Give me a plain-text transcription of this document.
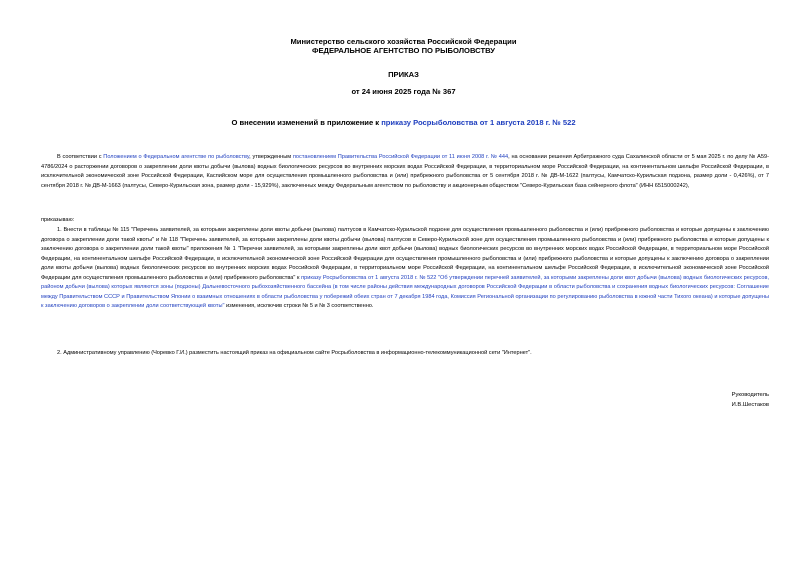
Министерство сельского хозяйства Российской Федерации
ФЕДЕРАЛЬНОЕ АГЕНТСТВО ПО РЫБОЛОВСТВУ
ПРИКАЗ
от 24 июня 2025 года № 367
О внесении изменений в приложение к приказу Росрыболовства от 1 августа 2018 г. № 522
В соответствии с Положением о Федеральном агентстве по рыболовству, утвержденным постановлением Правительства Российской Федерации от 11 июня 2008 г. № 444, на основании решения Арбитражного суда Сахалинской области от 5 мая 2025 г. по делу № А59-4786/2024 о расторжении договоров о закреплении доли квоты добычи (вылова) водных биологических ресурсов во внутренних морских водах Российской Федерации, в территориальном море Российской Федерации, на континентальном шельфе Российской Федерации, в исключительной экономической зоне Российской Федерации, Каспийском море для осуществления промышленного рыболовства и (или) прибрежного рыболовства от 5 сентября 2018 г. № ДВ-М-1622 (палтусы, Камчатско-Курильская подзона, размер доли - 0,426%), от 7 сентября 2018 г. № ДВ-М-1663 (палтусы, Северо-Курильская зона, размер доли - 15,929%), заключенных между Федеральным агентством по рыболовству и акционерным обществом "Северо-Курильская база сейнерного флота" (ИНН 6515000242),
приказываю:
1. Внести в таблицы № 115 "Перечень заявителей, за которыми закреплены доли квоты добычи (вылова) палтусов в Камчатско-Курильской подзоне для осуществления промышленного рыболовства и (или) прибрежного рыболовства и которые допущены к заключению договора о закреплении доли такой квоты" и № 118 "Перечень заявителей, за которыми закреплены доли квоты добычи (вылова) палтусов в Северо-Курильской зоне для осуществления промышленного рыболовства и (или) прибрежного рыболовства и которые допущены к заключению договора о закреплении доли такой квоты" приложения № 1 "Перечни заявителей, за которыми закреплены доли квот добычи (вылова) водных биологических ресурсов во внутренних морских водах Российской Федерации, в территориальном море Российской Федерации, на континентальном шельфе Российской Федерации, в исключительной экономической зоне Российской Федерации для осуществления промышленного рыболовства и (или) прибрежного рыболовства и которые допущены к заключению договора о закреплении доли квоты добычи (вылова) водных биологических ресурсов во внутренних морских водах Российской Федерации, в территориальном море Российской Федерации, на континентальном шельфе Российской Федерации, в исключительной экономической зоне Российской Федерации для осуществления промышленного рыболовства и (или) прибрежного рыболовства" к приказу Росрыболовства от 1 августа 2018 г. № 522 "Об утверждении перечней заявителей, за которыми закреплены доли квот добычи (вылова) водных биологических ресурсов, районом добычи (вылова) которых являются зоны (подзоны) Дальневосточного рыбохозяйственного бассейна (в том числе районы действия международных договоров Российской Федерации в области рыболовства и сохранения водных биологических ресурсов: Соглашение между Правительством СССР и Правительством Японии о взаимных отношениях в области рыболовства у побережий обеих стран от 7 декабря 1984 года, Комиссия Региональной организации по регулированию рыболовства в южной части Тихого океана) и которые допущены к заключению договоров о закреплении доли соответствующей квоты" изменения, исключив строки № 5 и № 3 соответственно.
2. Административному управлению (Чоревко Г.И.) разместить настоящий приказ на официальном сайте Росрыболовства в информационно-телекоммуникационной сети "Интернет".
Руководитель
И.В.Шестаков
